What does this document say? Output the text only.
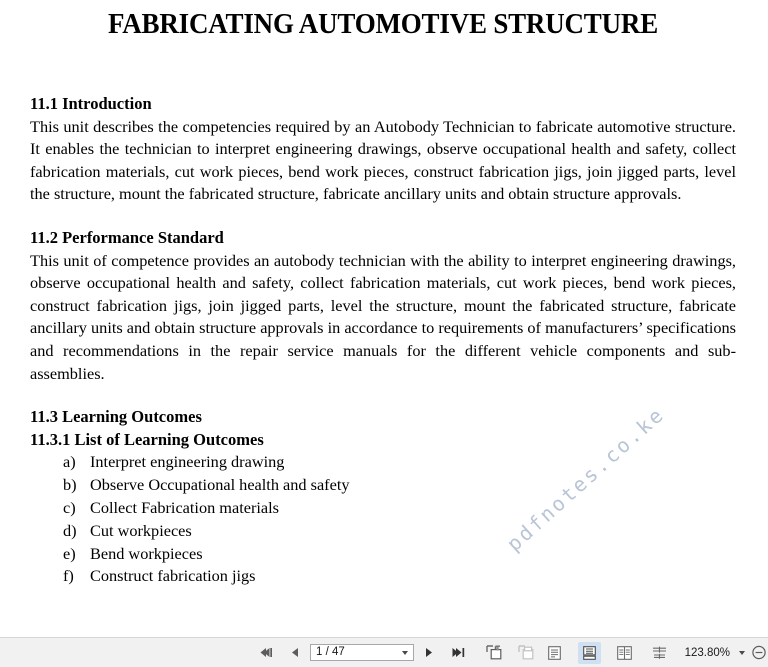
FABRICATING AUTOMOTIVE STRUCTURE
11.1 Introduction

This unit describes the competencies required by an Autobody Technician to fabricate automotive structure. It enables the technician to interpret engineering drawings, observe occupational health and safety, collect fabrication materials, cut work pieces, bend work pieces, construct fabrication jigs, join jigged parts, level the structure, mount the fabricated structure, fabricate ancillary units and obtain structure approvals.

11.2 Performance Standard

This unit of competence provides an autobody technician with the ability to interpret engineering drawings, observe occupational health and safety, collect fabrication materials, cut work pieces, bend work pieces, construct fabrication jigs, join jigged parts, level the structure, mount the fabricated structure, fabricate ancillary units and obtain structure approvals in accordance to requirements of manufacturers’ specifications and recommendations in the repair service manuals for the different vehicle components and sub-assemblies.

11.3 Learning Outcomes
11.3.1 List of Learning Outcomes
a) Interpret engineering drawing
b) Observe Occupational health and safety
c) Collect Fabrication materials
d) Cut workpieces
e) Bend workpieces
f) Construct fabrication jigs
pdfnotes.co.ke
1 / 47	123.80%
